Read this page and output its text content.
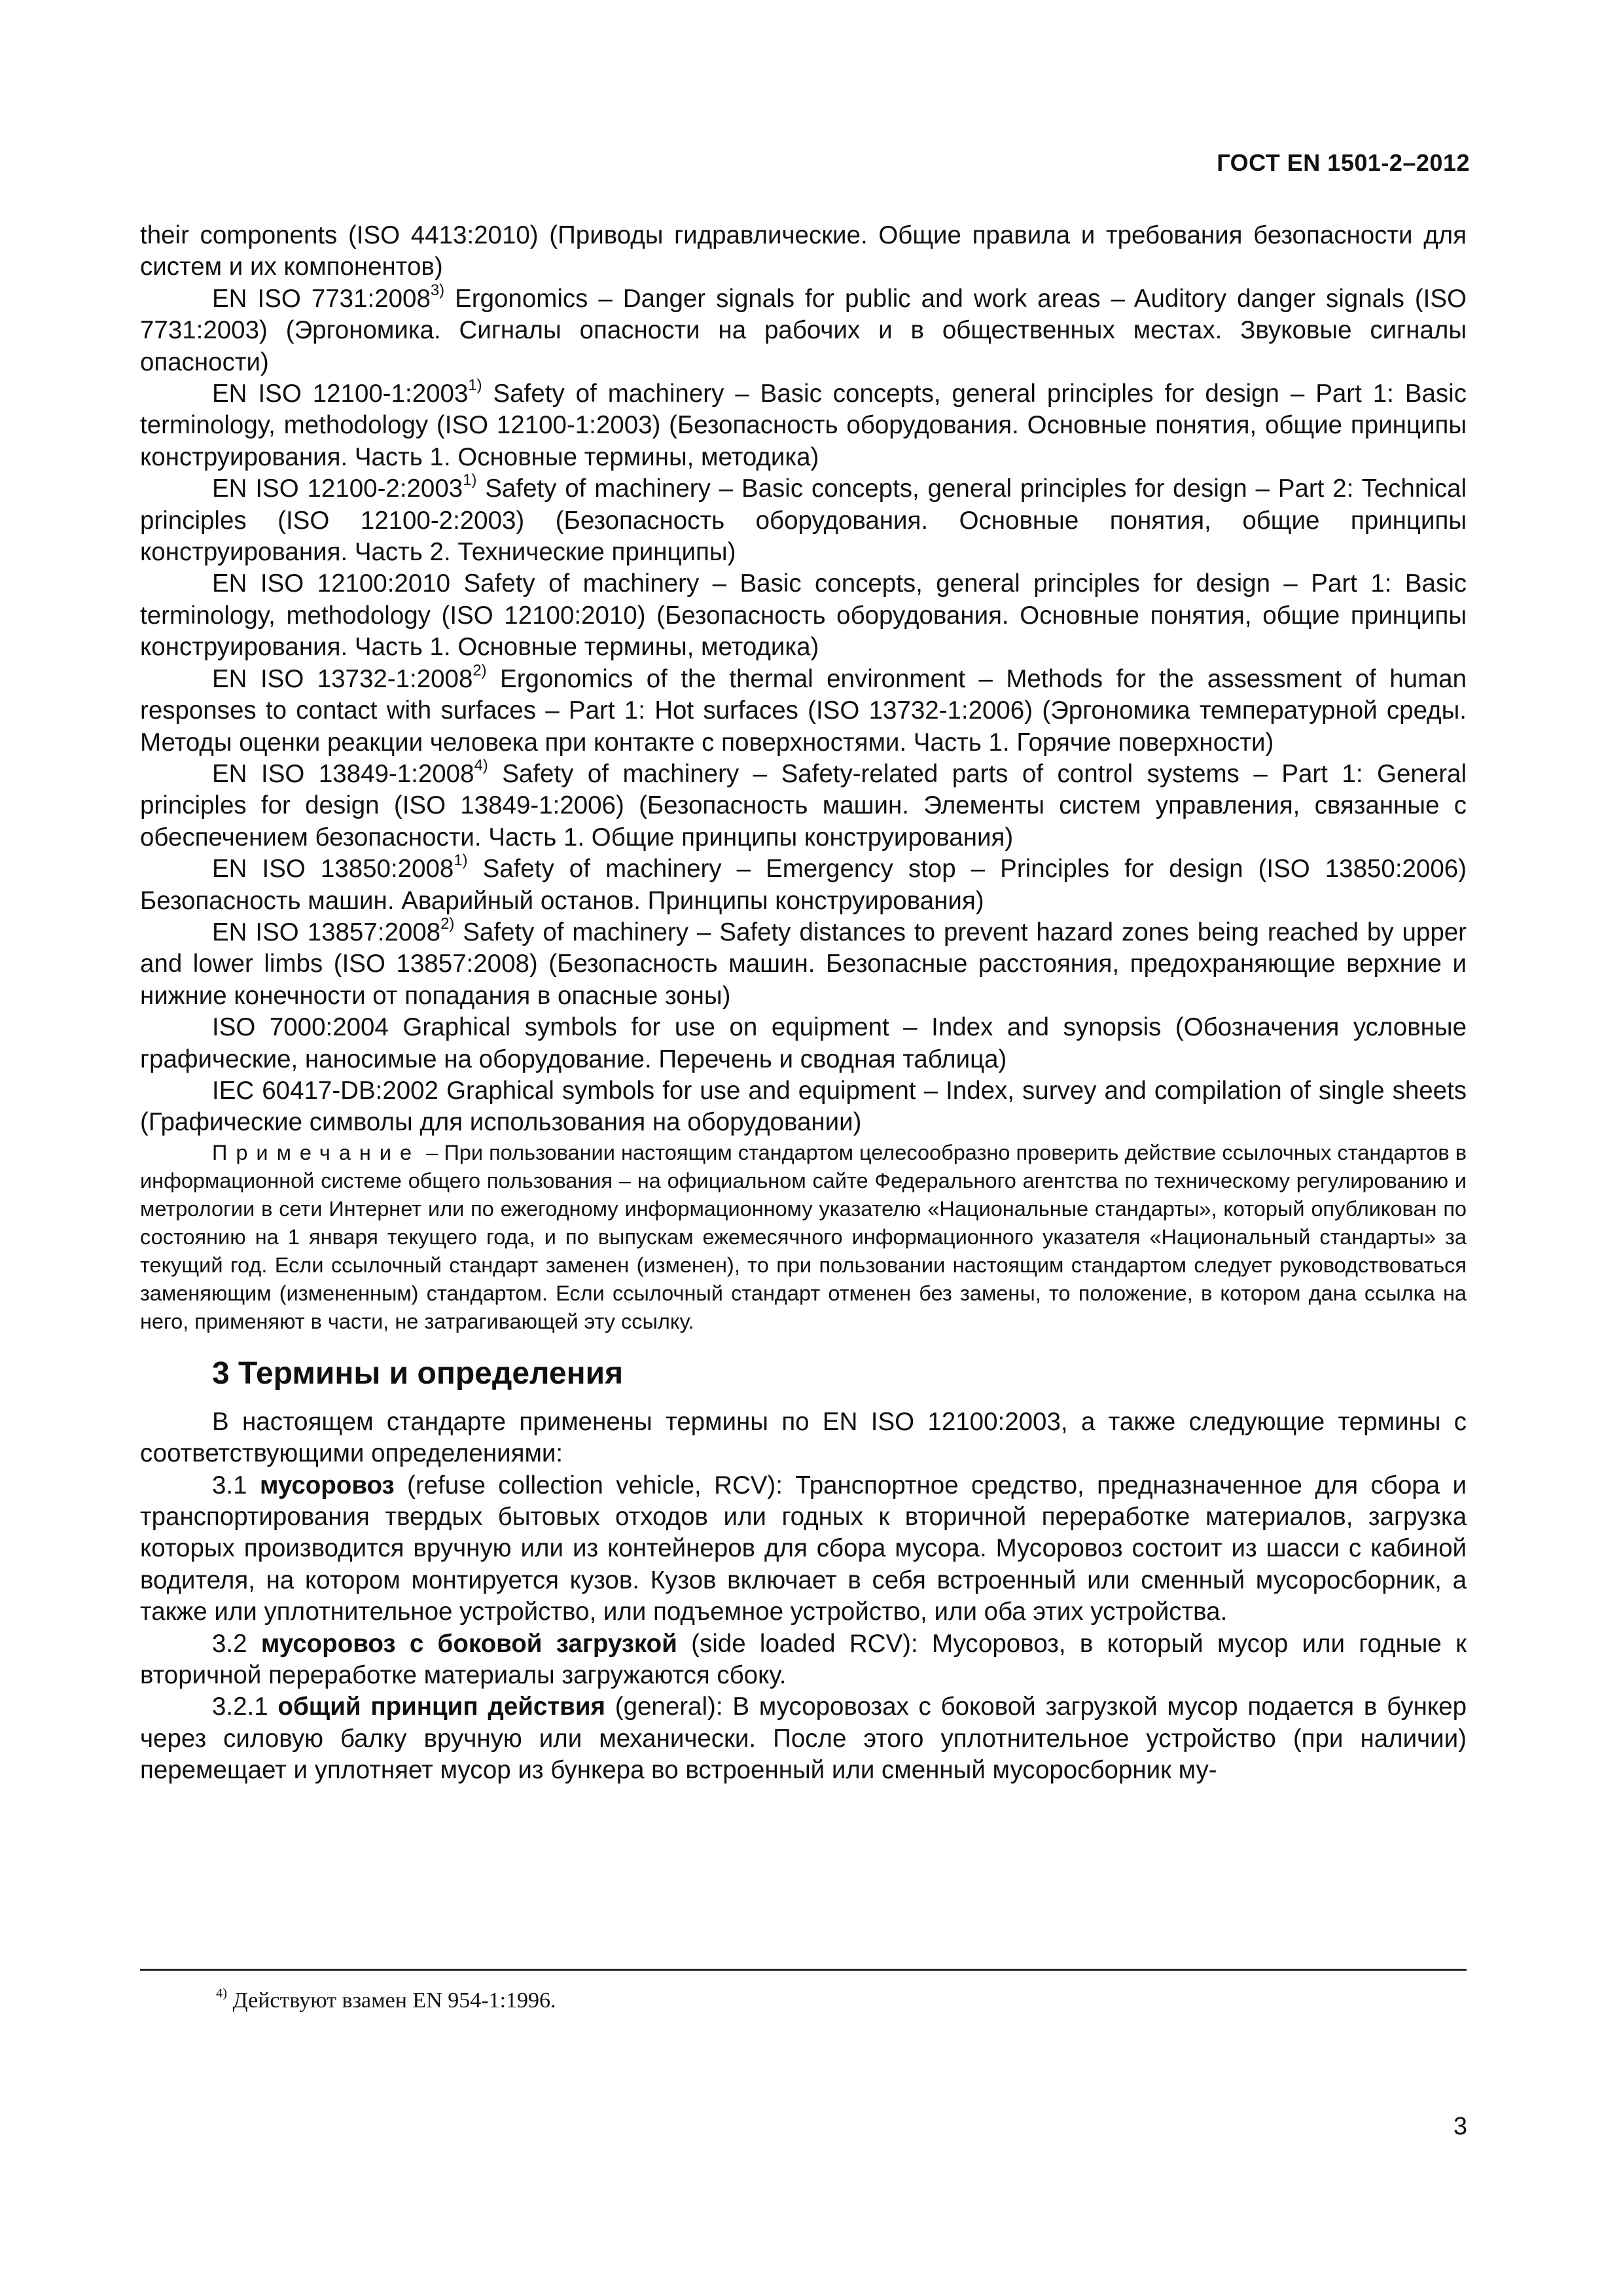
ГОСТ EN 1501-2–2012

their components (ISO 4413:2010) (Приводы гидравлические. Общие правила и требования безопасности для систем и их компонентов)

EN ISO 7731:2008$^{3)}$ Ergonomics – Danger signals for public and work areas – Auditory danger signals (ISO 7731:2003) (Эргономика. Сигналы опасности на рабочих и в общественных местах. Звуковые сигналы опасности)

EN ISO 12100-1:2003$^{1)}$ Safety of machinery – Basic concepts, general principles for design – Part 1: Basic terminology, methodology (ISO 12100-1:2003) (Безопасность оборудования. Основные понятия, общие принципы конструирования. Часть 1. Основные термины, методика)

EN ISO 12100-2:2003$^{1)}$ Safety of machinery – Basic concepts, general principles for design – Part 2: Technical principles (ISO 12100-2:2003) (Безопасность оборудования. Основные понятия, общие принципы конструирования. Часть 2. Технические принципы)

EN ISO 12100:2010 Safety of machinery – Basic concepts, general principles for design – Part 1: Basic terminology, methodology (ISO 12100:2010) (Безопасность оборудования. Основные понятия, общие принципы конструирования. Часть 1. Основные термины, методика)

EN ISO 13732-1:2008$^{2)}$ Ergonomics of the thermal environment – Methods for the assessment of human responses to contact with surfaces – Part 1: Hot surfaces (ISO 13732-1:2006) (Эргономика температурной среды. Методы оценки реакции человека при контакте с поверхностями. Часть 1. Горячие поверхности)

EN ISO 13849-1:2008$^{4)}$ Safety of machinery – Safety-related parts of control systems – Part 1: General principles for design (ISO 13849-1:2006) (Безопасность машин. Элементы систем управления, связанные с обеспечением безопасности. Часть 1. Общие принципы конструирования)

EN ISO 13850:2008$^{1)}$ Safety of machinery – Emergency stop – Principles for design (ISO 13850:2006) Безопасность машин. Аварийный останов. Принципы конструирования)

EN ISO 13857:2008$^{2)}$ Safety of machinery – Safety distances to prevent hazard zones being reached by upper and lower limbs (ISO 13857:2008) (Безопасность машин. Безопасные расстояния, предохраняющие верхние и нижние конечности от попадания в опасные зоны)

ISO 7000:2004 Graphical symbols for use on equipment – Index and synopsis (Обозначения условные графические, наносимые на оборудование. Перечень и сводная таблица)

IEC 60417-DB:2002 Graphical symbols for use and equipment – Index, survey and compilation of single sheets (Графические символы для использования на оборудовании)

Примечание – При пользовании настоящим стандартом целесообразно проверить действие ссылочных стандартов в информационной системе общего пользования – на официальном сайте Федерального агентства по техническому регулированию и метрологии в сети Интернет или по ежегодному информационному указателю «Национальные стандарты», который опубликован по состоянию на 1 января текущего года, и по выпускам ежемесячного информационного указателя «Национальный стандарты» за текущий год. Если ссылочный стандарт заменен (изменен), то при пользовании настоящим стандартом следует руководствоваться заменяющим (измененным) стандартом. Если ссылочный стандарт отменен без замены, то положение, в котором дана ссылка на него, применяют в части, не затрагивающей эту ссылку.

3 Термины и определения

В настоящем стандарте применены термины по EN ISO 12100:2003, а также следующие термины с соответствующими определениями:

3.1 мусоровоз (refuse collection vehicle, RCV): Транспортное средство, предназначенное для сбора и транспортирования твердых бытовых отходов или годных к вторичной переработке материалов, загрузка которых производится вручную или из контейнеров для сбора мусора. Мусоровоз состоит из шасси с кабиной водителя, на котором монтируется кузов. Кузов включает в себя встроенный или сменный мусоросборник, а также или уплотнительное устройство, или подъемное устройство, или оба этих устройства.

3.2 мусоровоз с боковой загрузкой (side loaded RCV): Мусоровоз, в который мусор или годные к вторичной переработке материалы загружаются сбоку.

3.2.1 общий принцип действия (general): В мусоровозах с боковой загрузкой мусор подается в бункер через силовую балку вручную или механически. После этого уплотнительное устройство (при наличии) перемещает и уплотняет мусор из бункера во встроенный или сменный мусоросборник му-

$^{4)}$ Действуют взамен EN 954-1:1996.
3
